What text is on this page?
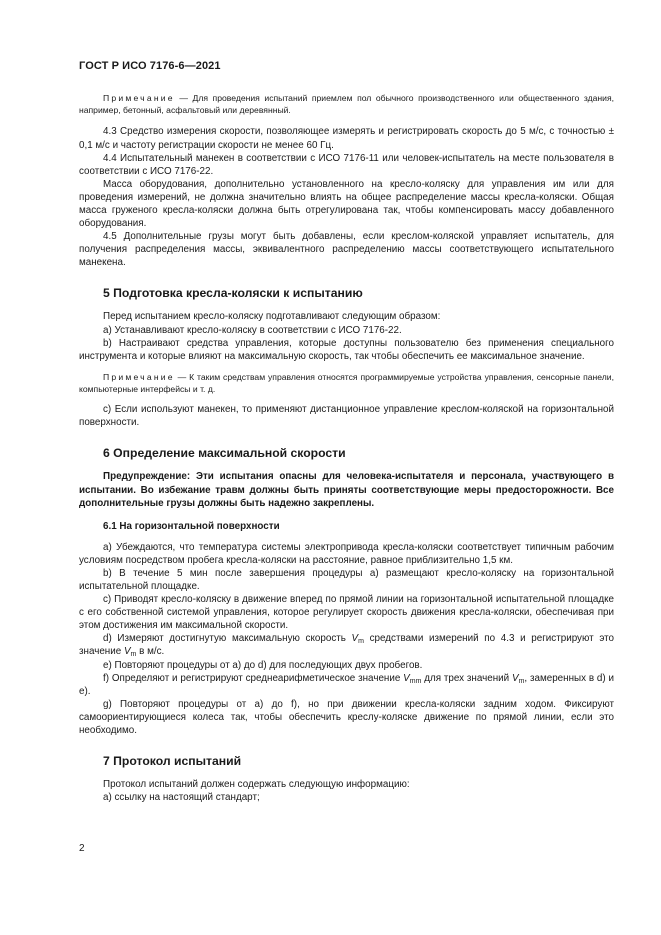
ГОСТ Р ИСО 7176-6—2021

Примечание — Для проведения испытаний приемлем пол обычного производственного или общественного здания, например, бетонный, асфальтовый или деревянный.

4.3 Средство измерения скорости, позволяющее измерять и регистрировать скорость до 5 м/с, с точностью ± 0,1 м/с и частоту регистрации скорости не менее 60 Гц.

4.4 Испытательный манекен в соответствии с ИСО 7176-11 или человек-испытатель на месте пользователя в соответствии с ИСО 7176-22.

Масса оборудования, дополнительно установленного на кресло-коляску для управления им или для проведения измерений, не должна значительно влиять на общее распределение массы кресла-коляски. Общая масса груженого кресла-коляски должна быть отрегулирована так, чтобы компенсировать массу добавленного оборудования.

4.5 Дополнительные грузы могут быть добавлены, если креслом-коляской управляет испытатель, для получения распределения массы, эквивалентного распределению массы соответствующего испытательного манекена.

5 Подготовка кресла-коляски к испытанию

Перед испытанием кресло-коляску подготавливают следующим образом:

a) Устанавливают кресло-коляску в соответствии с ИСО 7176-22.

b) Настраивают средства управления, которые доступны пользователю без применения специального инструмента и которые влияют на максимальную скорость, так чтобы обеспечить ее максимальное значение.

Примечание — К таким средствам управления относятся программируемые устройства управления, сенсорные панели, компьютерные интерфейсы и т. д.

c) Если используют манекен, то применяют дистанционное управление креслом-коляской на горизонтальной поверхности.

6 Определение максимальной скорости

Предупреждение: Эти испытания опасны для человека-испытателя и персонала, участвующего в испытании. Во избежание травм должны быть приняты соответствующие меры предосторожности. Все дополнительные грузы должны быть надежно закреплены.

6.1 На горизонтальной поверхности

a) Убеждаются, что температура системы электропривода кресла-коляски соответствует типичным рабочим условиям посредством пробега кресла-коляски на расстояние, равное приблизительно 1,5 км.

b) В течение 5 мин после завершения процедуры а) размещают кресло-коляску на горизонтальной испытательной площадке.

c) Приводят кресло-коляску в движение вперед по прямой линии на горизонтальной испытательной площадке с его собственной системой управления, которое регулирует скорость движения кресла-коляски, обеспечивая при этом достижения им максимальной скорости.

d) Измеряют достигнутую максимальную скорость $V_m$ средствами измерений по 4.3 и регистрируют это значение $V_m$ в м/с.

e) Повторяют процедуры от а) до d) для последующих двух пробегов.

f) Определяют и регистрируют среднеарифметическое значение $V_{mm}$ для трех значений $V_m$, замеренных в d) и e).

g) Повторяют процедуры от а) до f), но при движении кресла-коляски задним ходом. Фиксируют самоориентирующиеся колеса так, чтобы обеспечить креслу-коляске движение по прямой линии, если это необходимо.

7 Протокол испытаний

Протокол испытаний должен содержать следующую информацию:

a) ссылку на настоящий стандарт;

2
